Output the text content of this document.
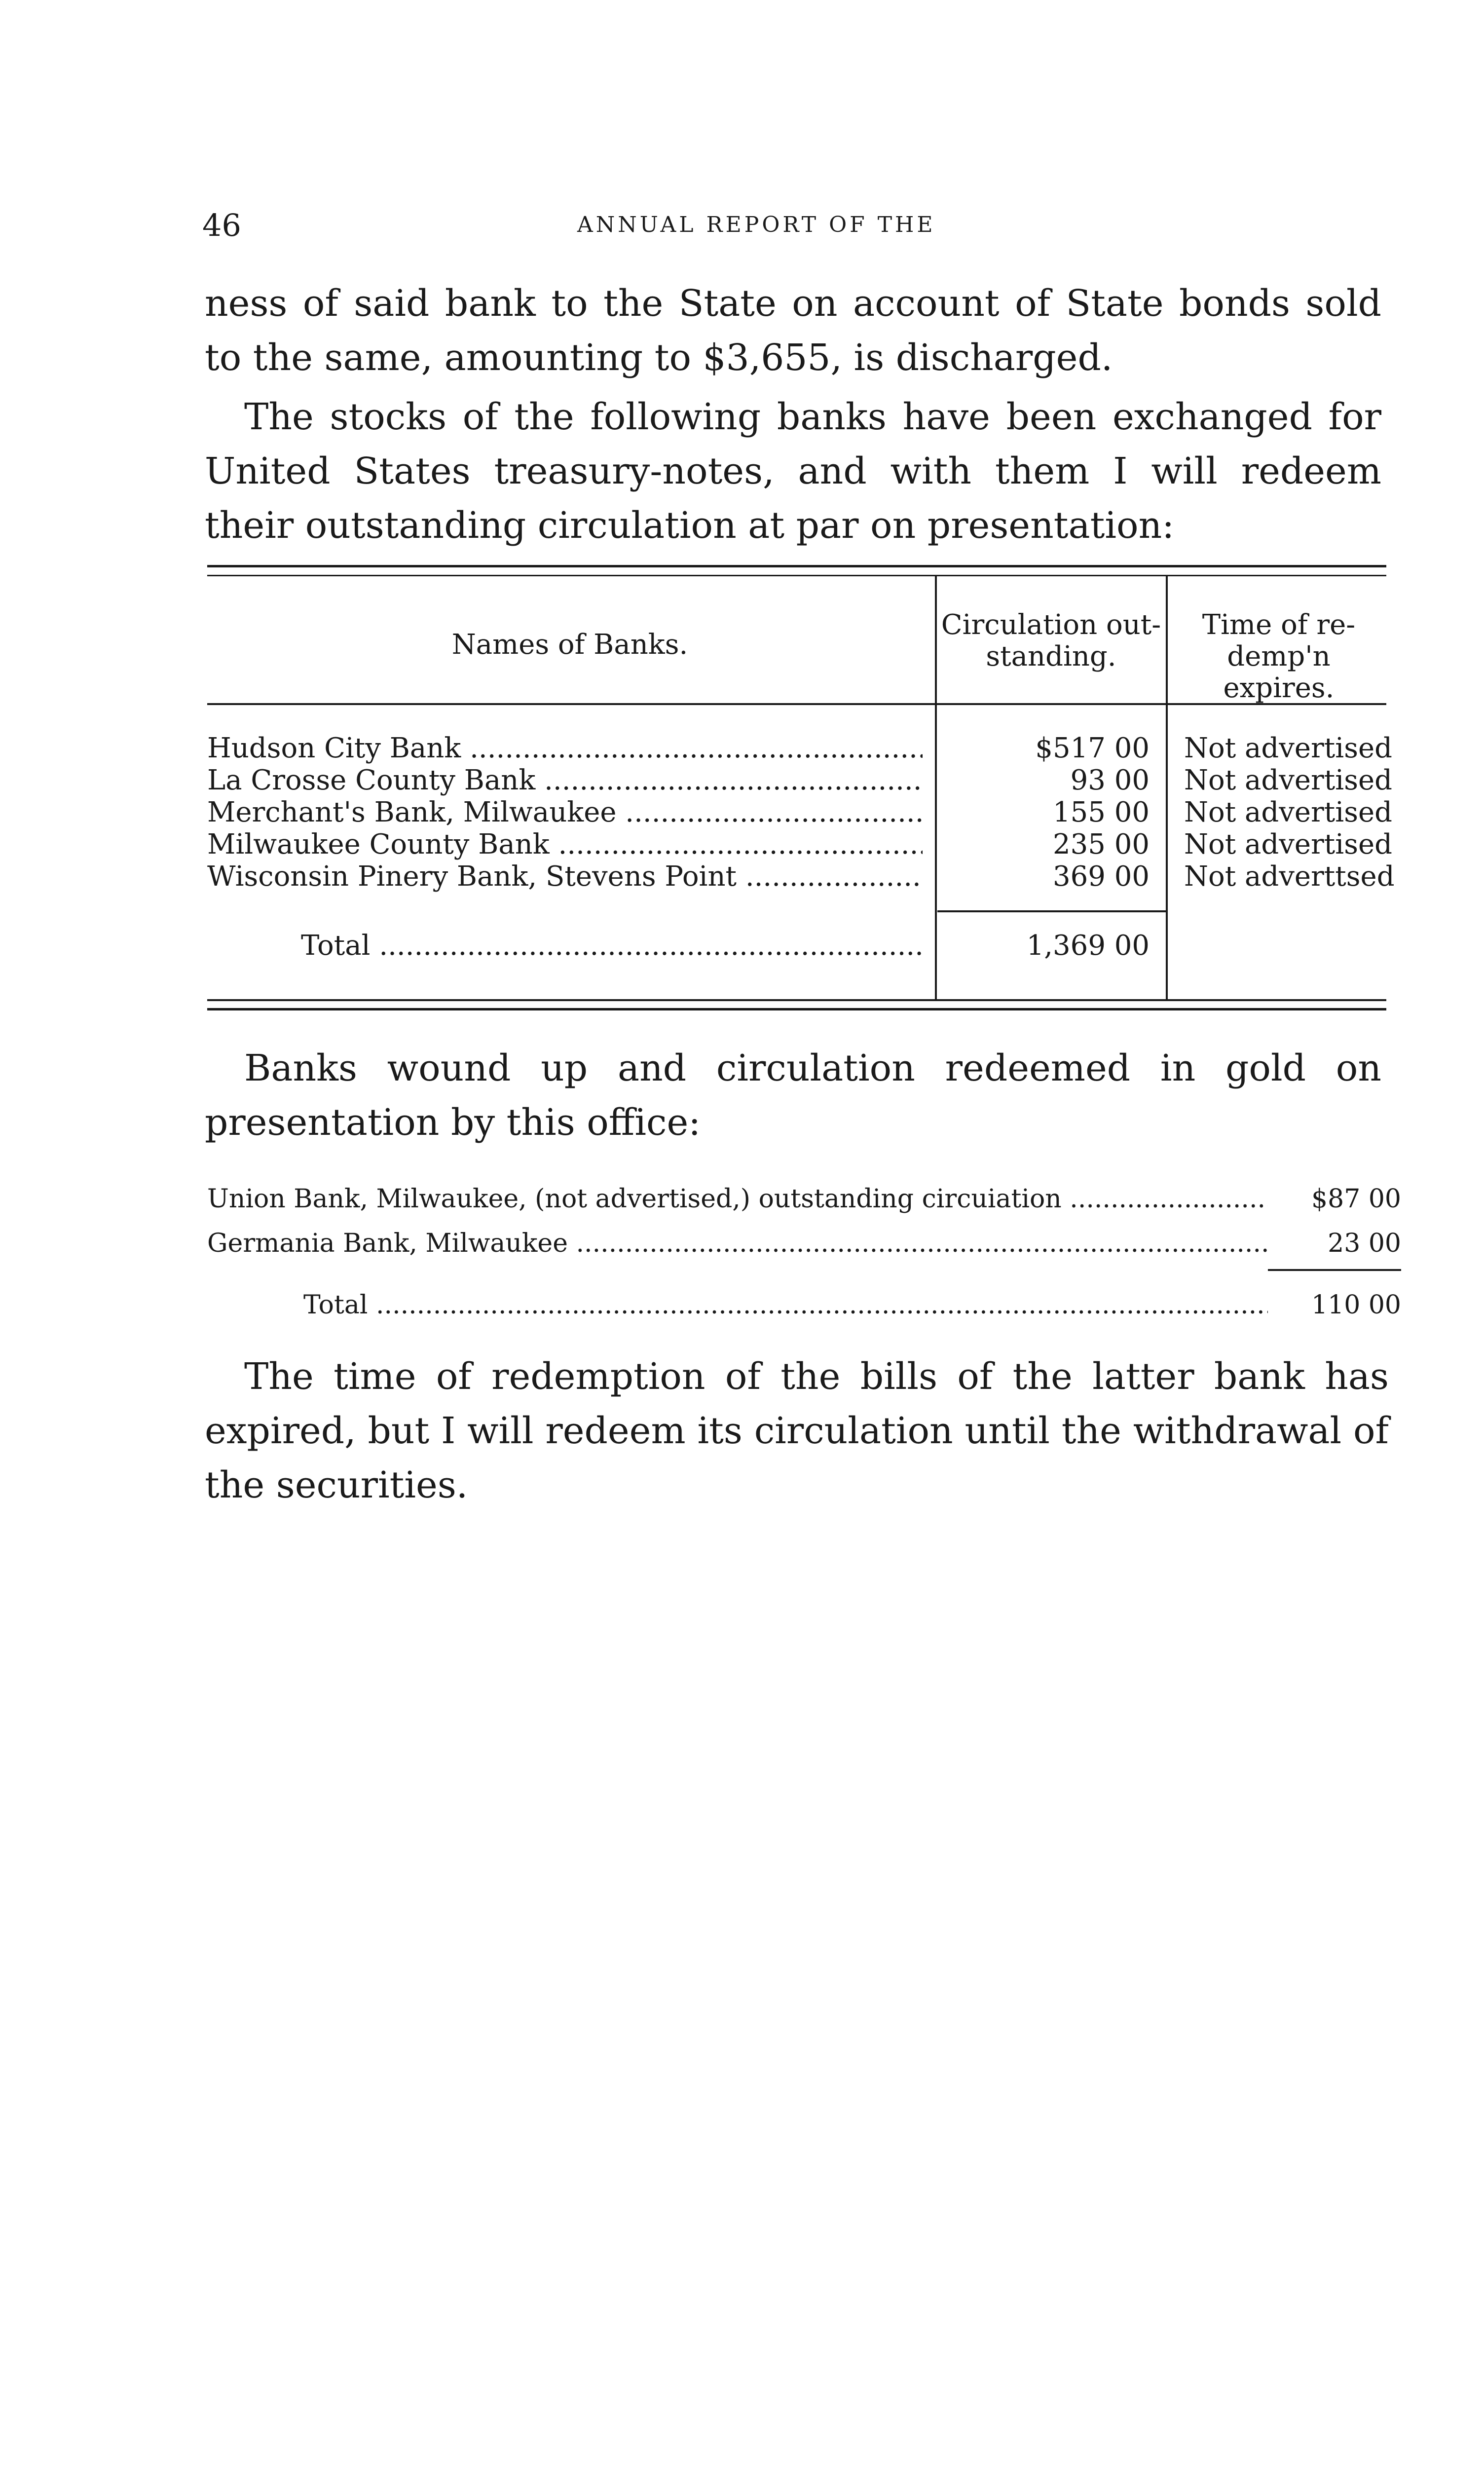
46	ANNUAL REPORT OF THE
ness of said bank to the State on account of State bonds sold to the same, amounting to $3,655, is discharged.
The stocks of the following banks have been exchanged for United States treasury-notes, and with them I will redeem their outstanding circulation at par on presentation:
Names of Banks.
Circulation out-
standing.
Time of re-
demp'n expires.
Hudson City Bank .....	$517 00 Not advertised
La Crosse County Bank .....	93 00 Not advertised
Merchant's Bank, Milwaukee .....	155 00 Not advertised
Milwaukee County Bank .....	235 00 Not advertised
Wisconsin Pinery Bank, Stevens Point .....	369 00 Not adverttsed
Total .....	1,369 00
Banks wound up and circulation redeemed in gold on presentation by this office:
Union Bank, Milwaukee, (not advertised,) outstanding circuiation .....	$87 00
Germania Bank, Milwaukee .....	23 00
Total .....	110 00
The time of redemption of the bills of the latter bank has expired, but I will redeem its circulation until the withdrawal of the securities.
